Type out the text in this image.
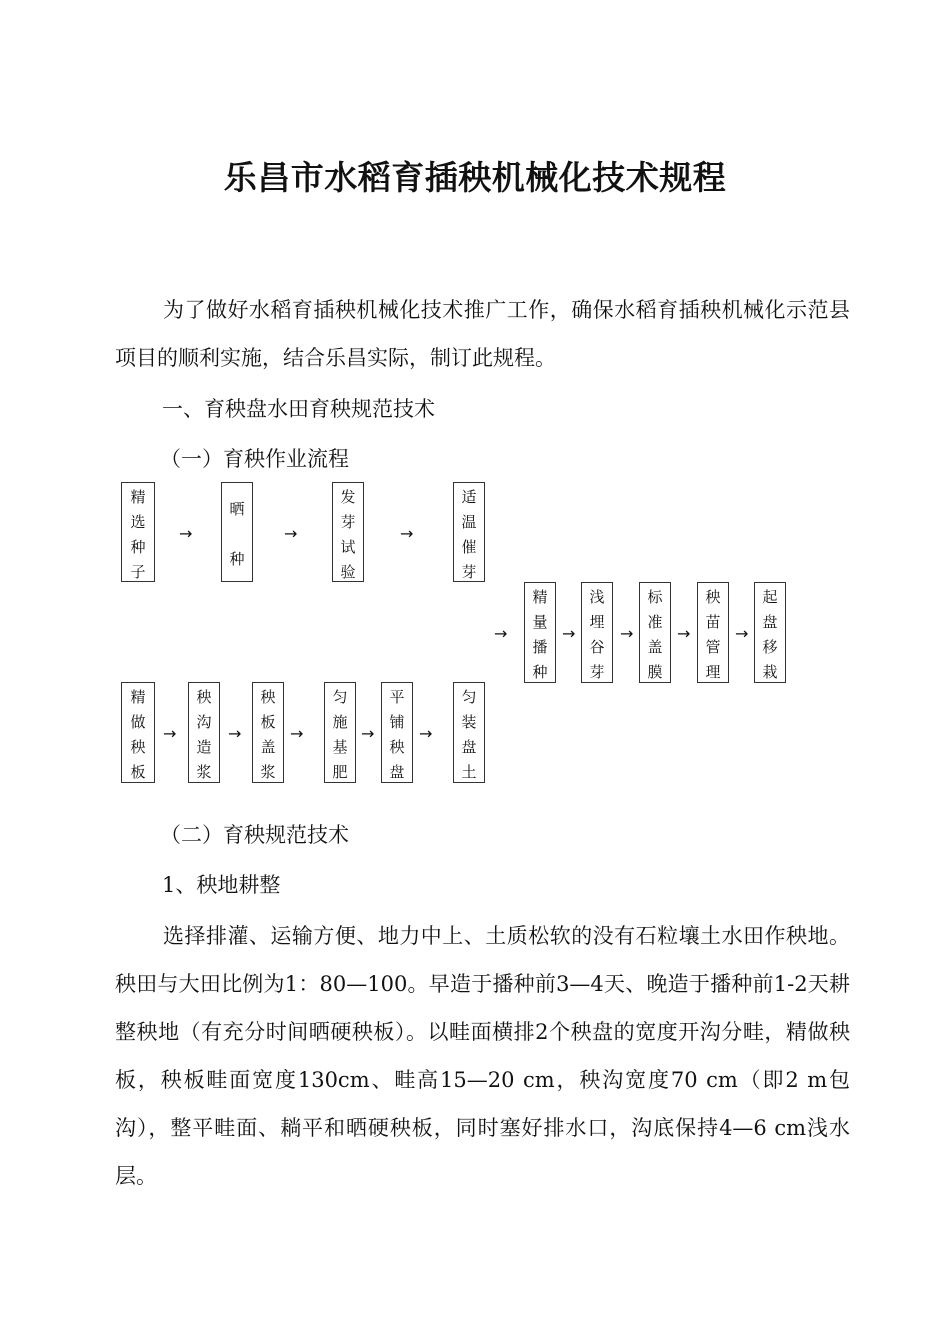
乐昌市水稻育插秧机械化技术规程

为了做好水稻育插秧机械化技术推广工作，确保水稻育插秧机械化示范县项目的顺利实施，结合乐昌实际，制订此规程。

一、育秧盘水田育秧规范技术
（一）育秧作业流程
精
选
种
子
晒
种
发
芽
试
验
适
温
催
芽
→	→	→
→
精
量
播
种
→
浅
埋
谷
芽
→
标
准
盖
膜
→
秧
苗
管
理
→
起
盘
移
栽
精
做
秧
板
→
秧
沟
造
浆
→
秧
板
盖
浆
→
匀
施
基
肥
→
平
铺
秧
盘
→
匀
装
盘
土
（二）育秧规范技术
1、秧地耕整

选择排灌、运输方便、地力中上、土质松软的没有石粒壤土水田作秧地。秧田与大田比例为1：80—100。早造于播种前3—4天、晚造于播种前1-2天耕整秧地（有充分时间晒硬秧板）。以畦面横排2个秧盘的宽度开沟分畦，精做秧板，秧板畦面宽度130cm、畦高15—20 cm，秧沟宽度70 cm（即2 m包沟），整平畦面、耥平和晒硬秧板，同时塞好排水口，沟底保持4—6 cm浅水层。
